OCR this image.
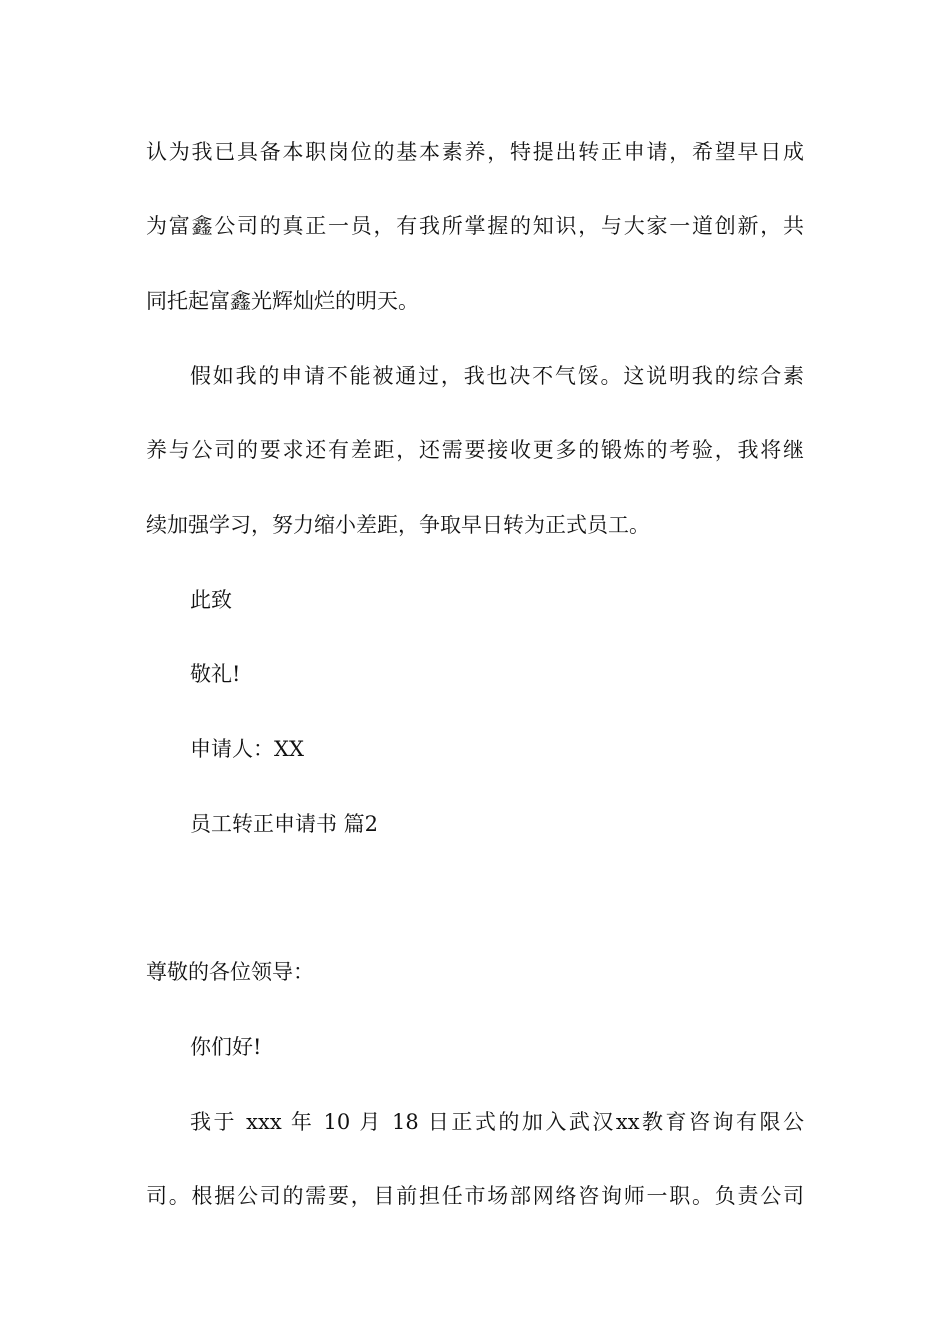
认为我已具备本职岗位的基本素养，特提出转正申请，希望早日成
为富鑫公司的真正一员，有我所掌握的知识，与大家一道创新，共
同托起富鑫光辉灿烂的明天。
假如我的申请不能被通过，我也决不气馁。这说明我的综合素
养与公司的要求还有差距，还需要接收更多的锻炼的考验，我将继
续加强学习，努力缩小差距，争取早日转为正式员工。
此致
敬礼!
申请人：XX
员工转正申请书 篇2
尊敬的各位领导：
你们好!
我于 xxx 年 10 月 18 日正式的加入武汉xx教育咨询有限公
司。根据公司的需要，目前担任市场部网络咨询师一职。负责公司
